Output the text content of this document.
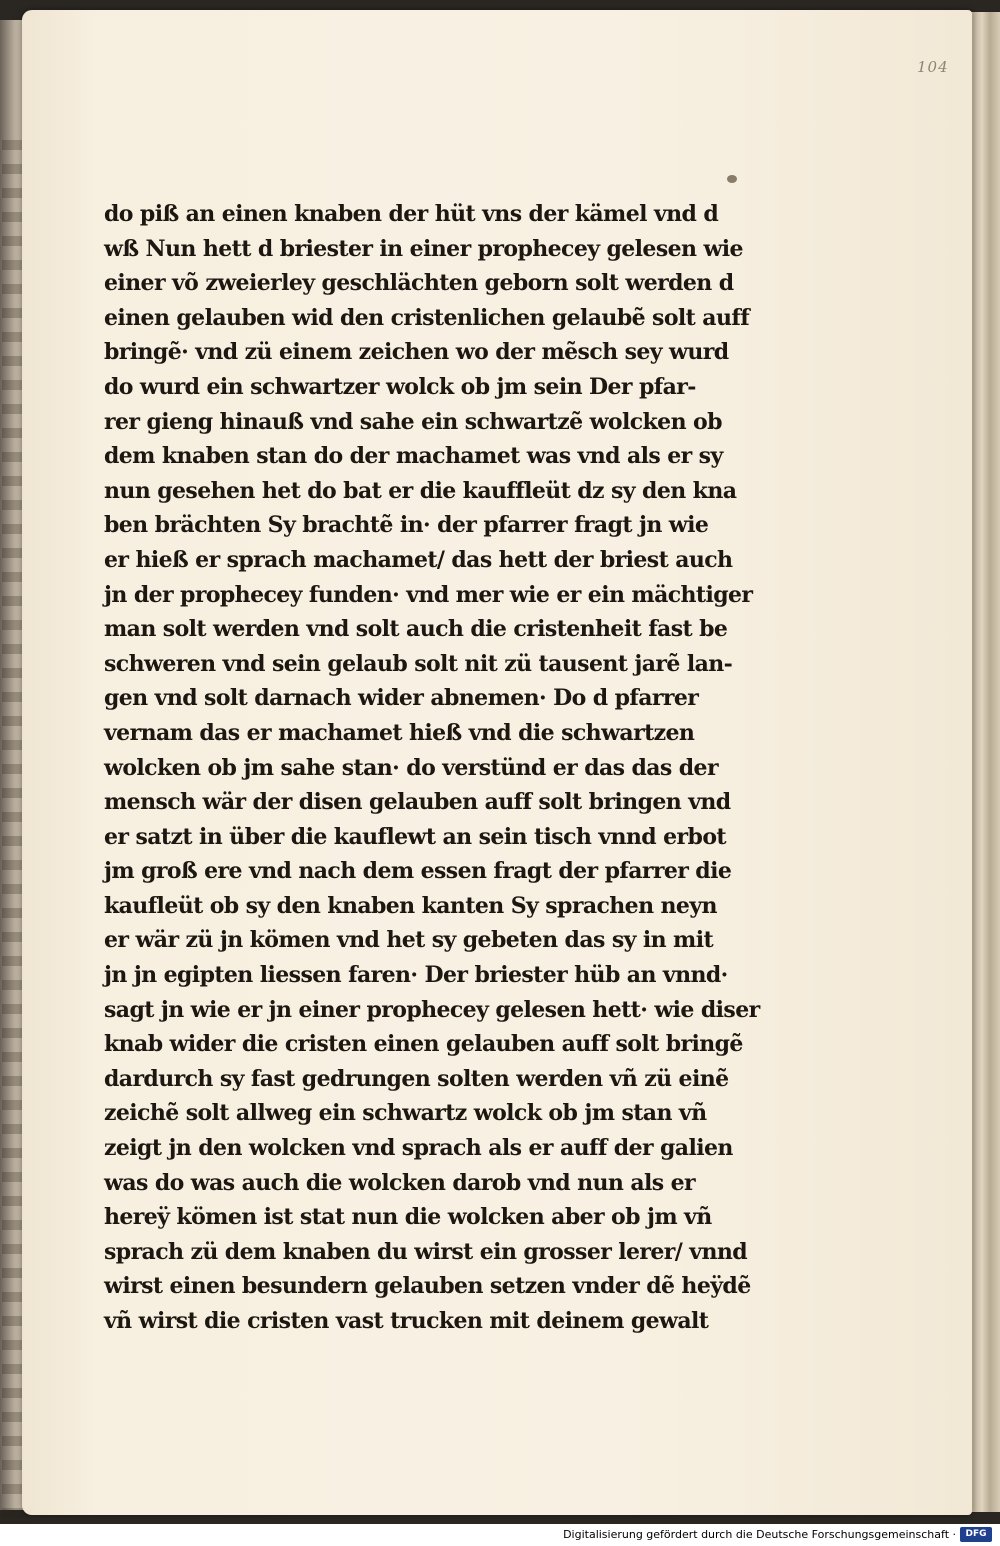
104

do piß an einen knaben der hüt vns der kämel vnd d

wß Nun hett d briester in einer prophecey gelesen wie

einer võ zweierley geschlächten geborn solt werden d

einen gelauben wid den cristenlichen gelaubẽ solt auff

bringẽ· vnd zü einem zeichen wo der mẽsch sey wurd

do wurd ein schwartzer wolck ob jm sein Der pfar-

rer gieng hinauß vnd sahe ein schwartzẽ wolcken ob

dem knaben stan do der machamet was vnd als er sy

nun gesehen het do bat er die kauffleüt dz sy den kna

ben brächten Sy brachtẽ in· der pfarrer fragt jn wie

er hieß er sprach machamet/ das hett der briest auch

jn der prophecey funden· vnd mer wie er ein mächtiger

man solt werden vnd solt auch die cristenheit fast be

schweren vnd sein gelaub solt nit zü tausent jarẽ lan-

gen vnd solt darnach wider abnemen· Do d pfarrer

vernam das er machamet hieß vnd die schwartzen

wolcken ob jm sahe stan· do verstünd er das das der

mensch wär der disen gelauben auff solt bringen vnd

er satzt in über die kauflewt an sein tisch vnnd erbot

jm groß ere vnd nach dem essen fragt der pfarrer die

kaufleüt ob sy den knaben kanten Sy sprachen neyn

er wär zü jn kömen vnd het sy gebeten das sy in mit

jn jn egipten liessen faren· Der briester hüb an vnnd·

sagt jn wie er jn einer prophecey gelesen hett· wie diser

knab wider die cristen einen gelauben auff solt bringẽ

dardurch sy fast gedrungen solten werden vñ zü einẽ

zeichẽ solt allweg ein schwartz wolck ob jm stan vñ

zeigt jn den wolcken vnd sprach als er auff der galien

was do was auch die wolcken darob vnd nun als er

hereÿ kömen ist stat nun die wolcken aber ob jm vñ

sprach zü dem knaben du wirst ein grosser lerer/ vnnd

wirst einen besundern gelauben setzen vnder dẽ heÿdẽ

vñ wirst die cristen vast trucken mit deinem gewalt

Digitalisierung gefördert durch die Deutsche Forschungsgemeinschaft ·	DFG
